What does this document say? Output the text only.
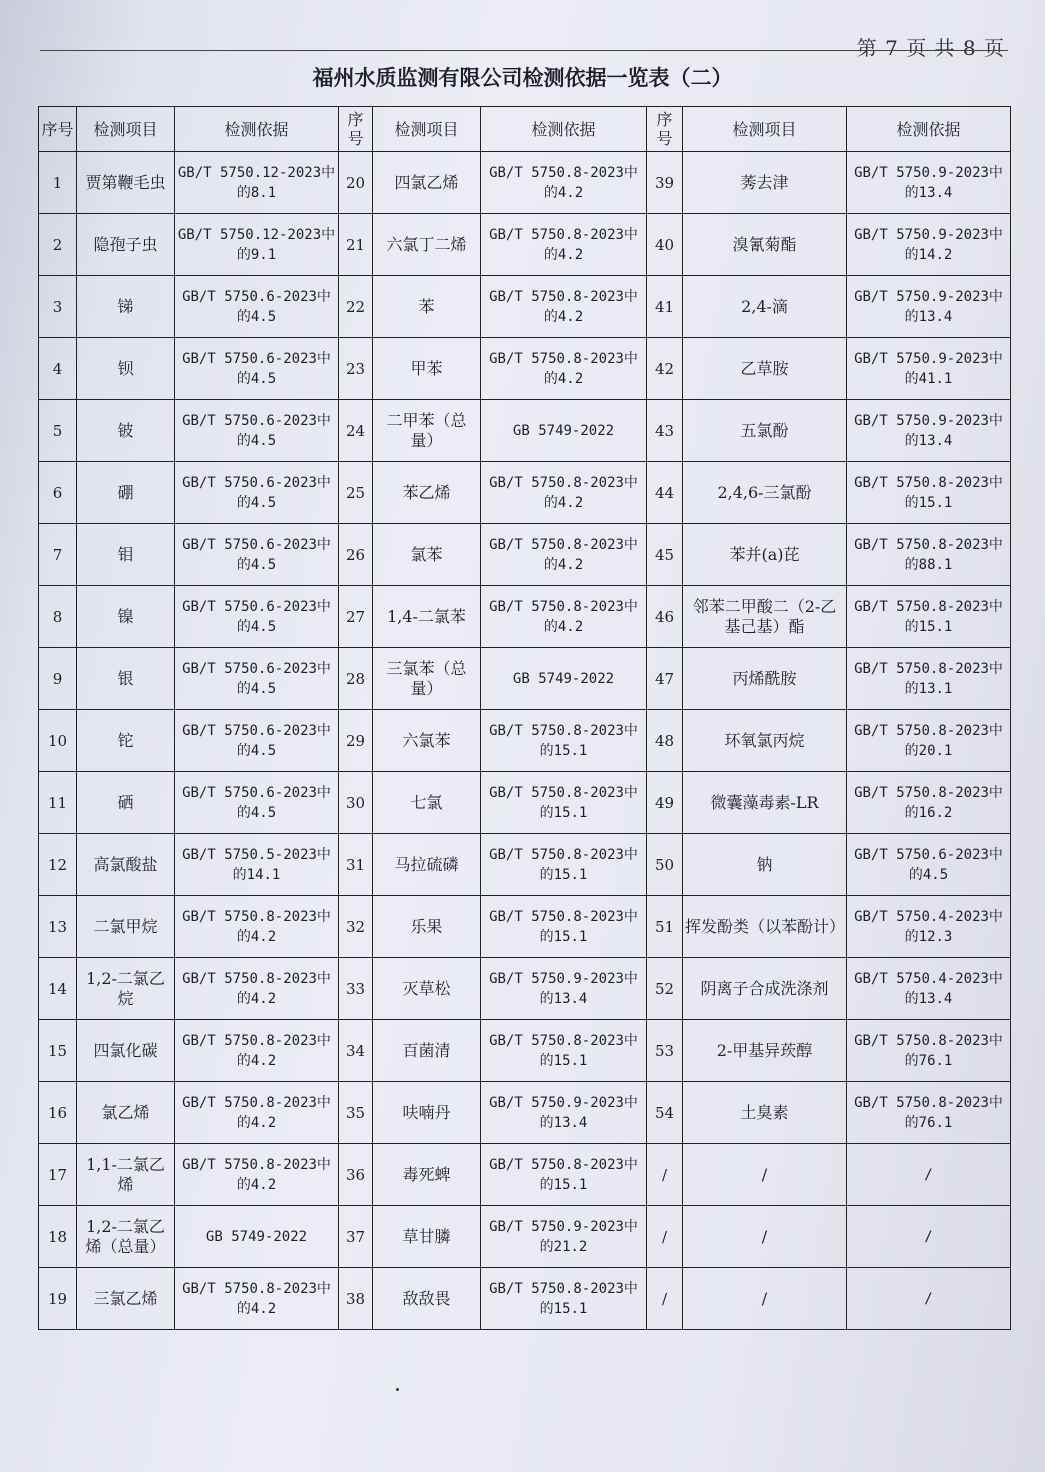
第 7 页 共 8 页
福州水质监测有限公司检测依据一览表（二）
序号	检测项目	检测依据	序号	检测项目	检测依据	序号	检测项目	检测依据
1	贾第鞭毛虫	GB/T 5750.12-2023中的8.1	20	四氯乙烯	GB/T 5750.8-2023中的4.2	39	莠去津	GB/T 5750.9-2023中的13.4
2	隐孢子虫	GB/T 5750.12-2023中的9.1	21	六氯丁二烯	GB/T 5750.8-2023中的4.2	40	溴氰菊酯	GB/T 5750.9-2023中的14.2
3	锑	GB/T 5750.6-2023中的4.5	22	苯	GB/T 5750.8-2023中的4.2	41	2,4-滴	GB/T 5750.9-2023中的13.4
4	钡	GB/T 5750.6-2023中的4.5	23	甲苯	GB/T 5750.8-2023中的4.2	42	乙草胺	GB/T 5750.9-2023中的41.1
5	铍	GB/T 5750.6-2023中的4.5	24	二甲苯（总量）	GB 5749-2022	43	五氯酚	GB/T 5750.9-2023中的13.4
6	硼	GB/T 5750.6-2023中的4.5	25	苯乙烯	GB/T 5750.8-2023中的4.2	44	2,4,6-三氯酚	GB/T 5750.8-2023中的15.1
7	钼	GB/T 5750.6-2023中的4.5	26	氯苯	GB/T 5750.8-2023中的4.2	45	苯并(a)芘	GB/T 5750.8-2023中的88.1
8	镍	GB/T 5750.6-2023中的4.5	27	1,4-二氯苯	GB/T 5750.8-2023中的4.2	46	邻苯二甲酸二（2-乙基己基）酯	GB/T 5750.8-2023中的15.1
9	银	GB/T 5750.6-2023中的4.5	28	三氯苯（总量）	GB 5749-2022	47	丙烯酰胺	GB/T 5750.8-2023中的13.1
10	铊	GB/T 5750.6-2023中的4.5	29	六氯苯	GB/T 5750.8-2023中的15.1	48	环氧氯丙烷	GB/T 5750.8-2023中的20.1
11	硒	GB/T 5750.6-2023中的4.5	30	七氯	GB/T 5750.8-2023中的15.1	49	微囊藻毒素-LR	GB/T 5750.8-2023中的16.2
12	高氯酸盐	GB/T 5750.5-2023中的14.1	31	马拉硫磷	GB/T 5750.8-2023中的15.1	50	钠	GB/T 5750.6-2023中的4.5
13	二氯甲烷	GB/T 5750.8-2023中的4.2	32	乐果	GB/T 5750.8-2023中的15.1	51	挥发酚类（以苯酚计）	GB/T 5750.4-2023中的12.3
14	1,2-二氯乙烷	GB/T 5750.8-2023中的4.2	33	灭草松	GB/T 5750.9-2023中的13.4	52	阴离子合成洗涤剂	GB/T 5750.4-2023中的13.4
15	四氯化碳	GB/T 5750.8-2023中的4.2	34	百菌清	GB/T 5750.8-2023中的15.1	53	2-甲基异莰醇	GB/T 5750.8-2023中的76.1
16	氯乙烯	GB/T 5750.8-2023中的4.2	35	呋喃丹	GB/T 5750.9-2023中的13.4	54	土臭素	GB/T 5750.8-2023中的76.1
17	1,1-二氯乙烯	GB/T 5750.8-2023中的4.2	36	毒死蜱	GB/T 5750.8-2023中的15.1	/	/	/
18	1,2-二氯乙烯（总量）	GB 5749-2022	37	草甘膦	GB/T 5750.9-2023中的21.2	/	/	/
19	三氯乙烯	GB/T 5750.8-2023中的4.2	38	敌敌畏	GB/T 5750.8-2023中的15.1	/	/	/
